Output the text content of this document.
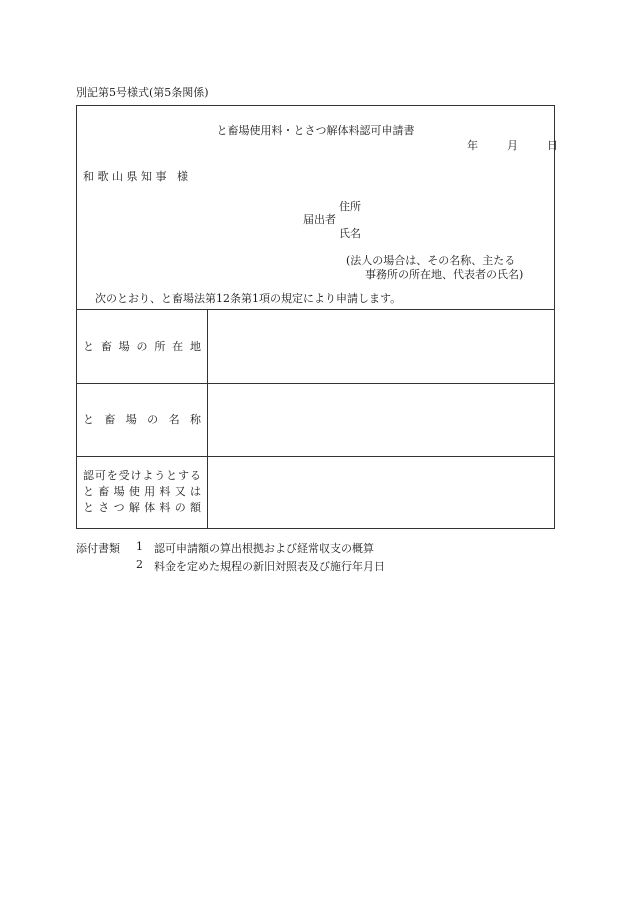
別記第5号様式(第5条関係)
と畜場使用料・とさつ解体料認可申請書
年	月	日
和歌山県知事 様
住所
届出者
氏名
(法人の場合は、その名称、主たる
事務所の所在地、代表者の氏名)
次のとおり、と畜場法第12条第1項の規定により申請します。
と 畜 場 の 所 在 地
と 畜 場 の 名 称
認 可 を 受 け よ う と す る
と 畜 場 使 用 料 又 は
と さ つ 解 体 料 の 額
添付書類 1 認可申請額の算出根拠および経常収支の概算
2 料金を定めた規程の新旧対照表及び施行年月日
